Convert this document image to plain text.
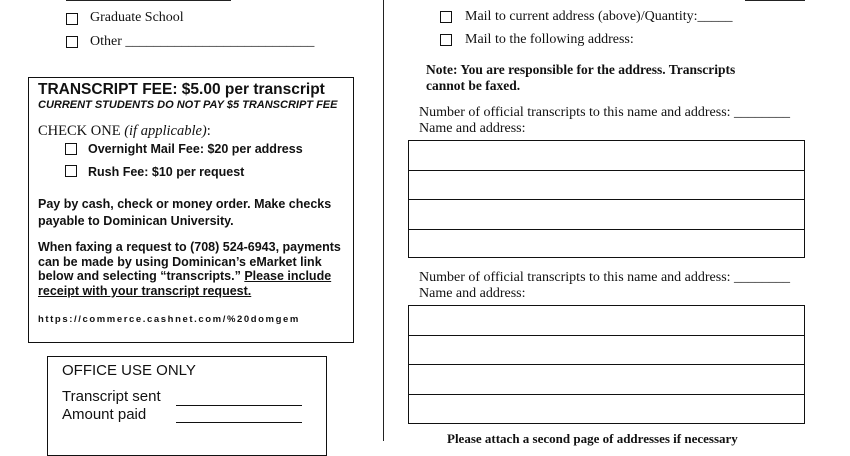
Graduate School
Other ___________________________
TRANSCRIPT FEE: $5.00 per transcript
CURRENT STUDENTS DO NOT PAY $5 TRANSCRIPT FEE
CHECK ONE (if applicable):
Overnight Mail Fee: $20 per address
Rush Fee: $10 per request
Pay by cash, check or money order. Make checks
payable to Dominican University.
When faxing a request to (708) 524-6943, payments
can be made by using Dominican’s eMarket link
below and selecting “transcripts.” Please include
receipt with your transcript request.
https://commerce.cashnet.com/%20domgem
OFFICE USE ONLY
Transcript sent
Amount paid
Mail to current address (above)/Quantity:_____
Mail to the following address:
Note: You are responsible for the address. Transcripts
cannot be faxed.
Number of official transcripts to this name and address: ________
Name and address:
Number of official transcripts to this name and address: ________
Name and address:
Please attach a second page of addresses if necessary
